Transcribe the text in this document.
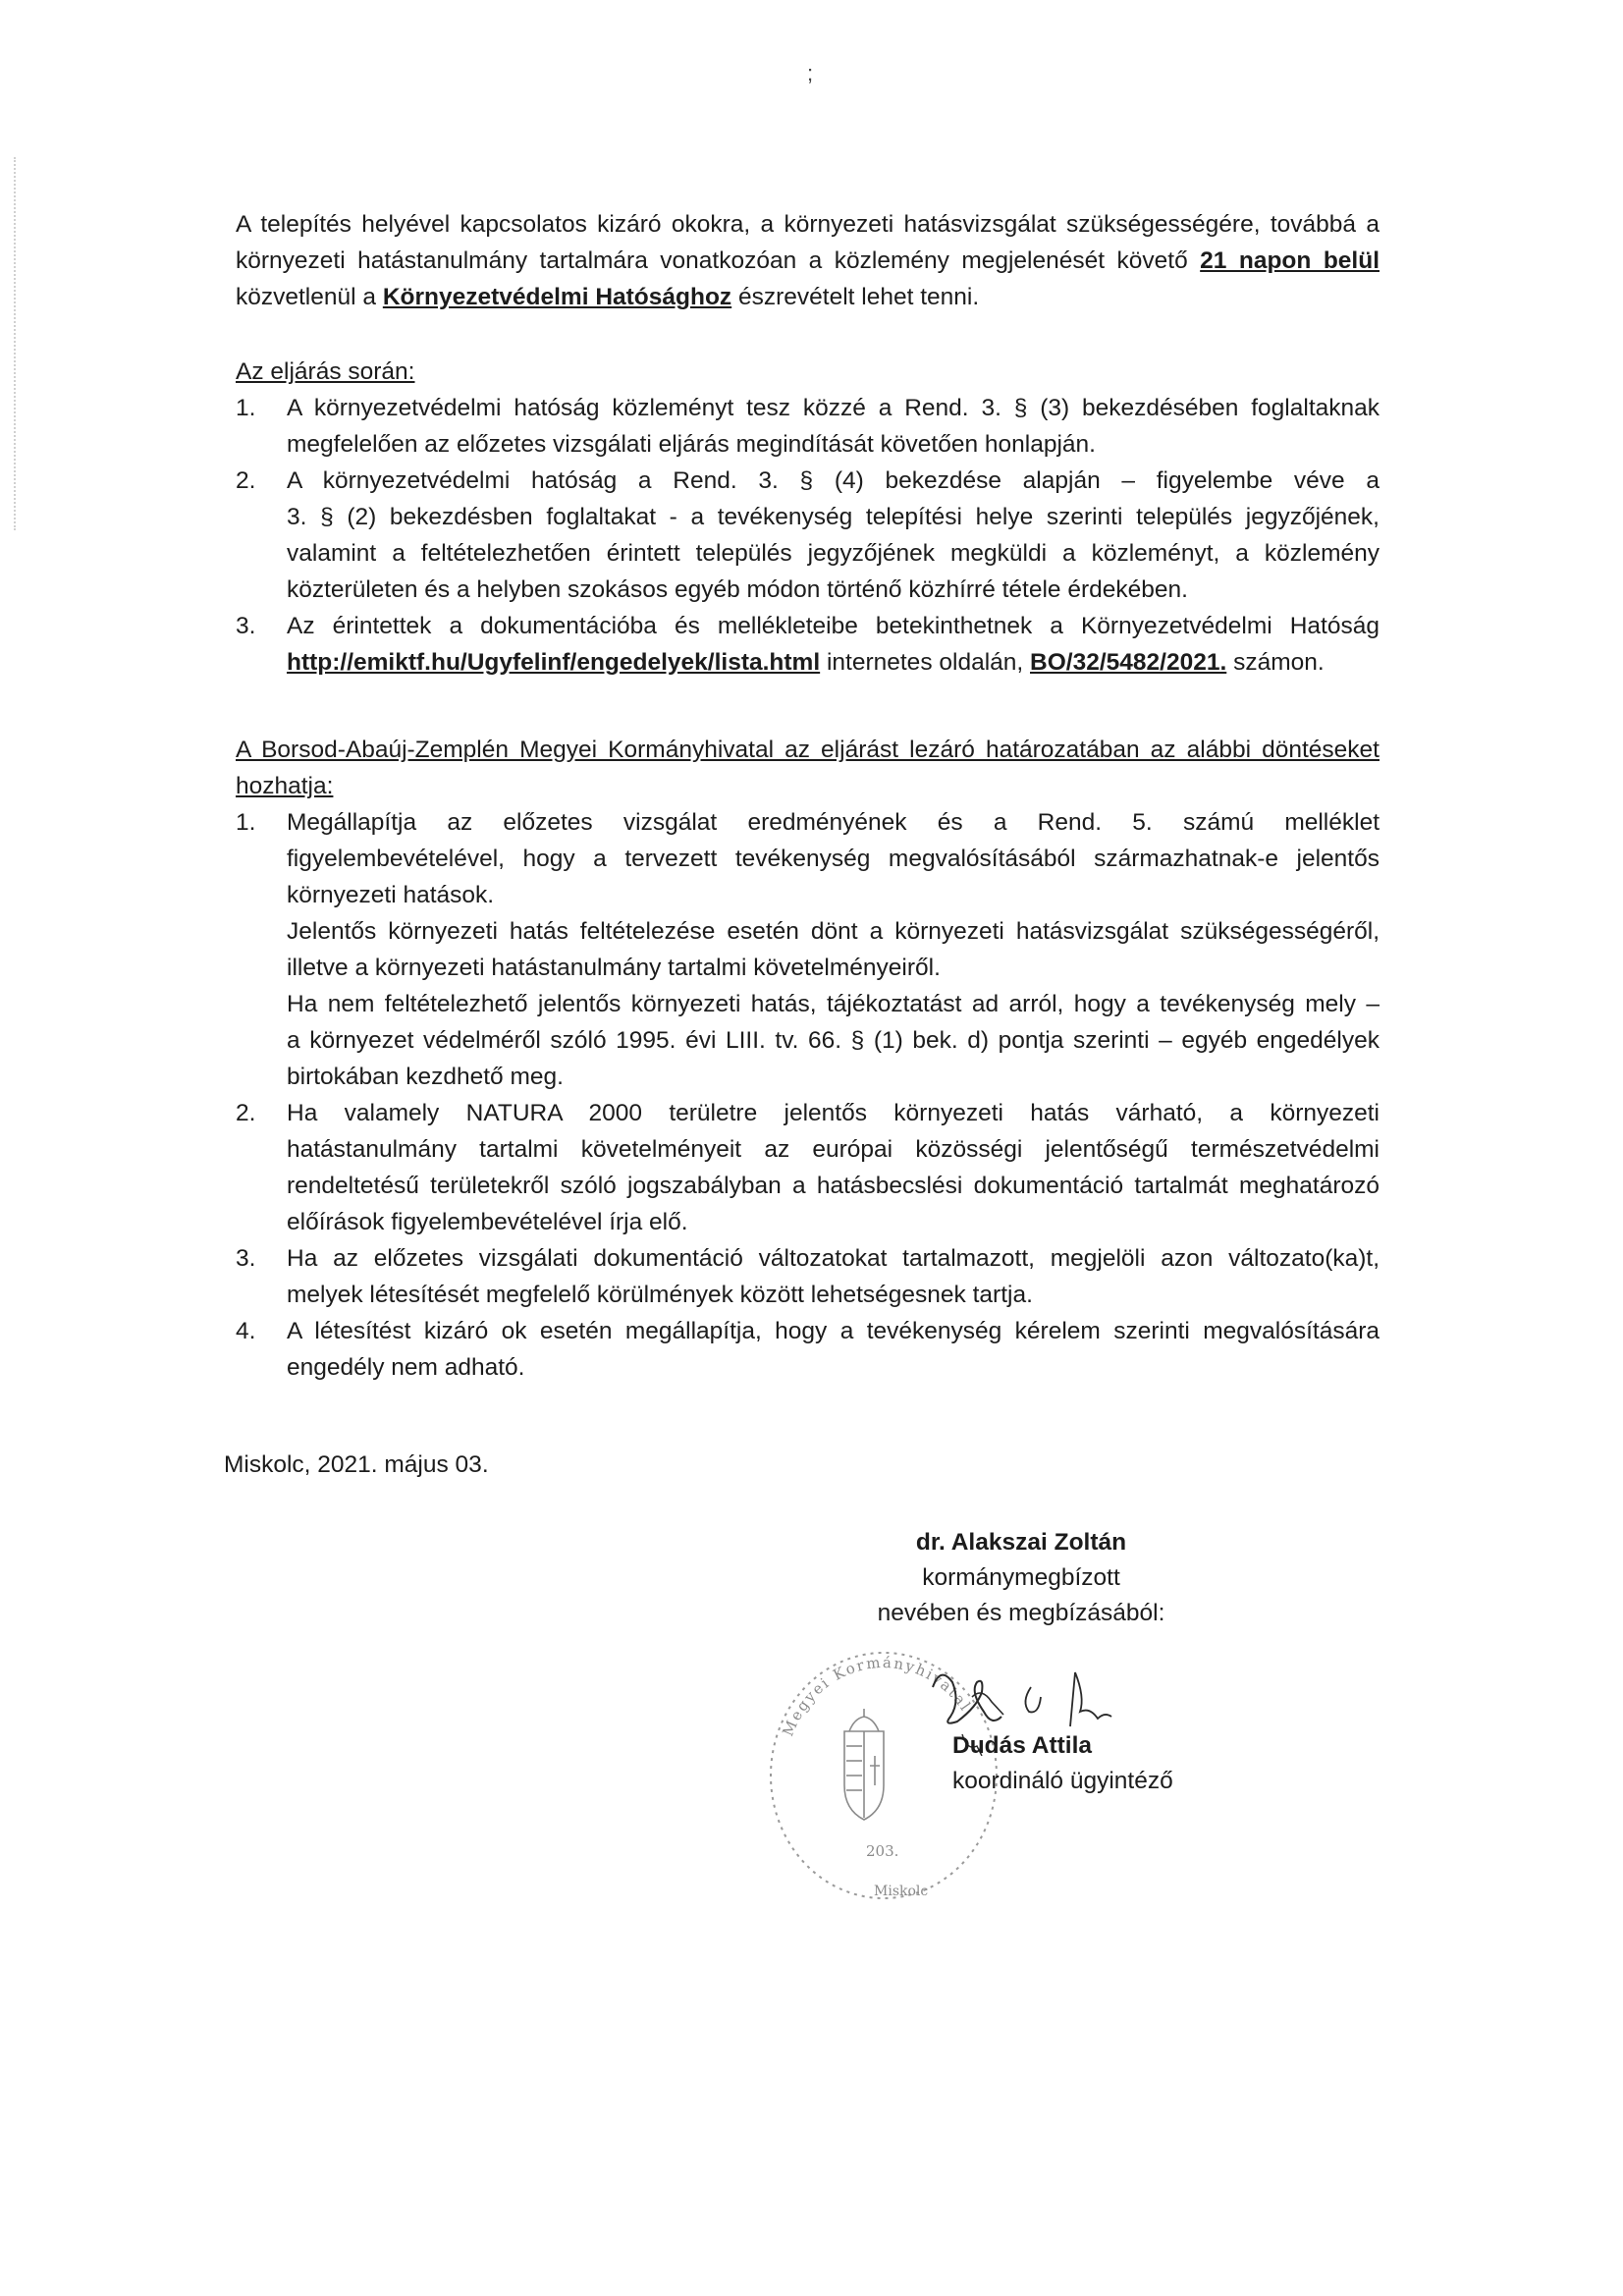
;
A telepítés helyével kapcsolatos kizáró okokra, a környezeti hatásvizsgálat szükségességére, továbbá a
környezeti hatástanulmány tartalmára vonatkozóan a közlemény megjelenését követő 21 napon belül
közvetlenül a Környezetvédelmi Hatósághoz észrevételt lehet tenni.
Az eljárás során:
1. A környezetvédelmi hatóság közleményt tesz közzé a Rend. 3. § (3) bekezdésében foglaltaknak
megfelelően az előzetes vizsgálati eljárás megindítását követően honlapján.
2. A környezetvédelmi hatóság a Rend. 3. § (4) bekezdése alapján – figyelembe véve a
3. § (2) bekezdésben foglaltakat - a tevékenység telepítési helye szerinti település jegyzőjének,
valamint a feltételezhetően érintett település jegyzőjének megküldi a közleményt, a közlemény
közterületen és a helyben szokásos egyéb módon történő közhírré tétele érdekében.
3. Az érintettek a dokumentációba és mellékleteibe betekinthetnek a Környezetvédelmi Hatóság
http://emiktf.hu/Ugyfelinf/engedelyek/lista.html internetes oldalán, BO/32/5482/2021. számon.
A Borsod-Abaúj-Zemplén Megyei Kormányhivatal az eljárást lezáró határozatában az alábbi döntéseket
hozhatja:
1. Megállapítja az előzetes vizsgálat eredményének és a Rend. 5. számú melléklet
figyelembevételével, hogy a tervezett tevékenység megvalósításából származhatnak-e jelentős
környezeti hatások.
Jelentős környezeti hatás feltételezése esetén dönt a környezeti hatásvizsgálat szükségességéről,
illetve a környezeti hatástanulmány tartalmi követelményeiről.
Ha nem feltételezhető jelentős környezeti hatás, tájékoztatást ad arról, hogy a tevékenység mely –
a környezet védelméről szóló 1995. évi LIII. tv. 66. § (1) bek. d) pontja szerinti – egyéb engedélyek
birtokában kezdhető meg.
2. Ha valamely NATURA 2000 területre jelentős környezeti hatás várható, a környezeti
hatástanulmány tartalmi követelményeit az európai közösségi jelentőségű természetvédelmi
rendeltetésű területekről szóló jogszabályban a hatásbecslési dokumentáció tartalmát meghatározó
előírások figyelembevételével írja elő.
3. Ha az előzetes vizsgálati dokumentáció változatokat tartalmazott, megjelöli azon változato(ka)t,
melyek létesítését megfelelő körülmények között lehetségesnek tartja.
4. A létesítést kizáró ok esetén megállapítja, hogy a tevékenység kérelem szerinti megvalósítására
engedély nem adható.
Miskolc, 2021. május 03.
dr. Alakszai Zoltán
kormánymegbízott
nevében és megbízásából:
Megyei Kormányhivatal
203.
Miskolc
Dudás Attila
koordináló ügyintéző
